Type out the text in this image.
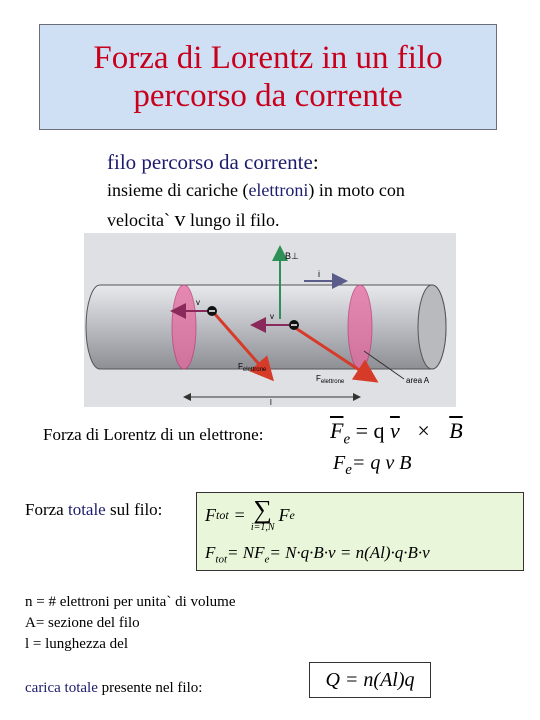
Forza di Lorentz in un filo
percorso da corrente
filo percorso da corrente:
insieme di cariche (elettroni) in moto con
velocita` v lungo il filo.
B⊥
i
v
v
$F_{elettrone}$
$F_{elettrone}$	area A
l
Forza di Lorentz di un elettrone:	$\overline{F}_e = q$ $\overline{v} \times \overline{B}$
$F_e= q$ v B
Forza totale sul filo: F tot = ∑
i=1,N
F e
$F_{tot}= NF_e= N\cdot q\cdot B\cdot v = n(Al)\cdot q\cdot B\cdot v$
n = # elettroni per unita` di volume
A= sezione del filo
l = lunghezza del
carica totale presente nel filo:	Q = n(Al)q
